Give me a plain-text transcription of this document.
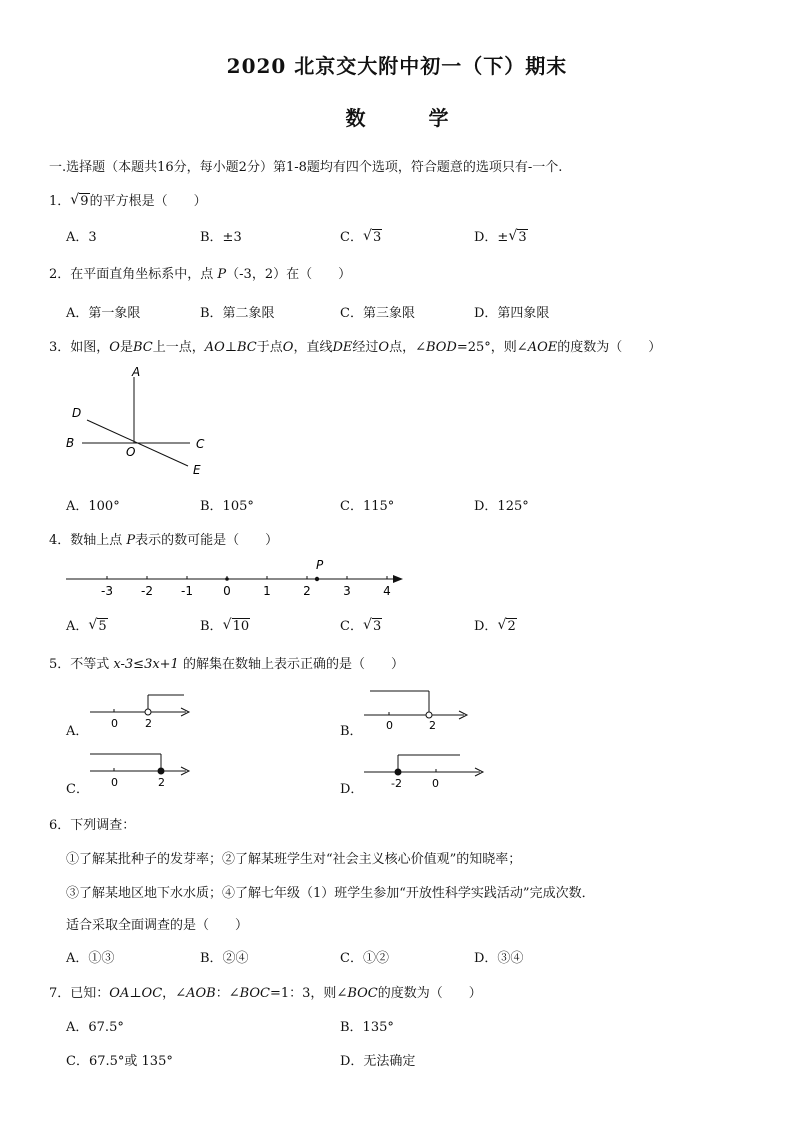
2020 北京交大附中初一（下）期末
数 学
一.选择题（本题共16分，每小题2分）第1-8题均有四个选项，符合题意的选项只有-一个.
1． √ 9的平方根是（　　）
A．3	B．±3	C． √ 3	D．± √ 3
2．在平面直角坐标系中，点 P（-3，2）在（　　）
A．第一象限	B．第二象限	C．第三象限	D．第四象限
3．如图，O是BC上一点，AO⊥BC于点O，直线DE经过O点，∠BOD=25°，则∠AOE的度数为（　　）
A
B	C
D
E
O
A．100°	B．105°	C．115°	D．125°
4．数轴上点 P表示的数可能是（　　）
-3 -2 -1	0	1	2	3	4
P
A． √ 5	B． √ 10	C． √ 3	D． √ 2
5．不等式 x-3≤3x+1 的解集在数轴上表示正确的是（　　）
A．
0 2
B． 0	2
C． 0	2	D．	-2	0
6．下列调查：
①了解某批种子的发芽率；②了解某班学生对“社会主义核心价值观”的知晓率；
③了解某地区地下水水质；④了解七年级（1）班学生参加“开放性科学实践活动”完成次数．
适合采取全面调查的是（　　）
A．①③	B．②④	C．①②	D．③④
7．已知：OA⊥OC，∠AOB：∠BOC=1：3，则∠BOC的度数为（　　）
A．67.5°	B．135°
C．67.5°或 135°	D．无法确定
